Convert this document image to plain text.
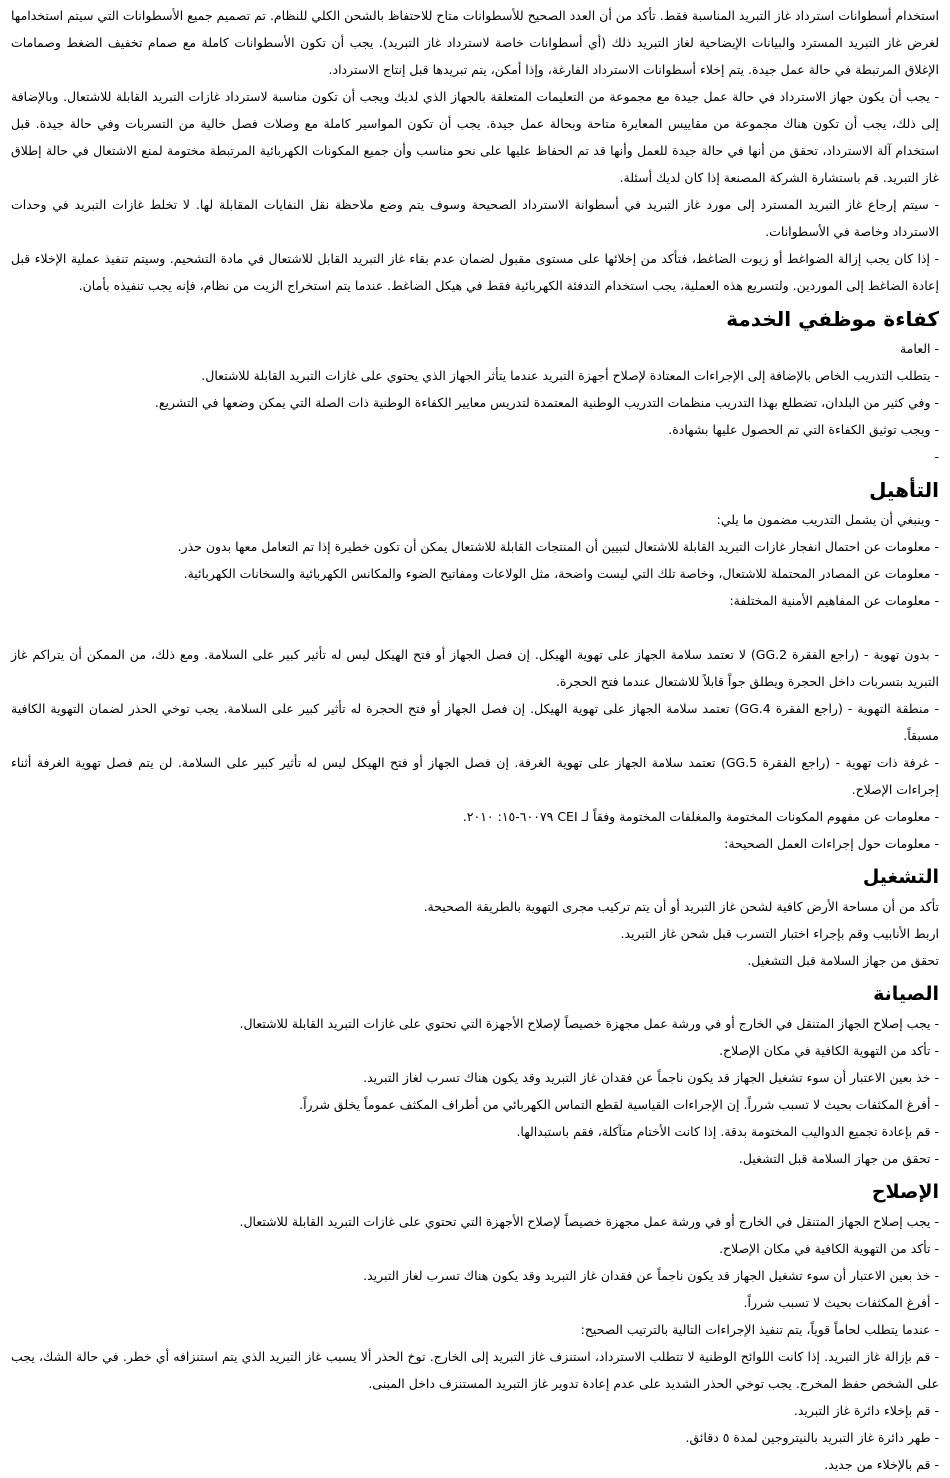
استخدام أسطوانات استرداد غاز التبريد المناسبة فقط. تأكد من أن العدد الصحيح للأسطوانات متاح للاحتفاظ بالشحن الكلي للنظام. تم تصميم جميع الأسطوانات التي سيتم استخدامها لغرض غاز التبريد المسترد والبيانات الإيضاحية لغاز التبريد ذلك (أي أسطوانات خاصة لاسترداد غاز التبريد). يجب أن تكون الأسطوانات كاملة مع صمام تخفيف الضغط وصمامات الإغلاق المرتبطة في حالة عمل جيدة. يتم إخلاء أسطوانات الاسترداد الفارغة، وإذا أمكن، يتم تبريدها قبل إنتاج الاسترداد.

- يجب أن يكون جهاز الاسترداد في حالة عمل جيدة مع مجموعة من التعليمات المتعلقة بالجهاز الذي لديك ويجب أن تكون مناسبة لاسترداد غازات التبريد القابلة للاشتعال. وبالإضافة إلى ذلك، يجب أن تكون هناك مجموعة من مقاييس المعايرة متاحة وبحالة عمل جيدة. يجب أن تكون المواسير كاملة مع وصلات فصل خالية من التسربات وفي حالة جيدة. قبل استخدام آلة الاسترداد، تحقق من أنها في حالة جيدة للعمل وأنها قد تم الحفاظ عليها على نحو مناسب وأن جميع المكونات الكهربائية المرتبطة مختومة لمنع الاشتعال في حالة إطلاق غاز التبريد. قم باستشارة الشركة المصنعة إذا كان لديك أسئلة.

- سيتم إرجاع غاز التبريد المسترد إلى مورد غاز التبريد في أسطوانة الاسترداد الصحيحة وسوف يتم وضع ملاحظة نقل النفايات المقابلة لها. لا تخلط غازات التبريد في وحدات الاسترداد وخاصة في الأسطوانات.

- إذا كان يجب إزالة الضواغط أو زيوت الضاغط، فتأكد من إخلائها على مستوى مقبول لضمان عدم بقاء غاز التبريد القابل للاشتعال في مادة التشحيم. وسيتم تنفيذ عملية الإخلاء قبل إعادة الضاغط إلى الموردين. ولتسريع هذه العملية، يجب استخدام التدفئة الكهربائية فقط في هيكل الضاغط. عندما يتم استخراج الزيت من نظام، فإنه يجب تنفيذه بأمان.

كفاءة موظفي الخدمة

- العامة

- يتطلب التدريب الخاص بالإضافة إلى الإجراءات المعتادة لإصلاح أجهزة التبريد عندما يتأثر الجهاز الذي يحتوي على غازات التبريد القابلة للاشتعال.

- وفي كثير من البلدان، تضطلع بهذا التدريب منظمات التدريب الوطنية المعتمدة لتدريس معايير الكفاءة الوطنية ذات الصلة التي يمكن وضعها في التشريع.

- ويجب توثيق الكفاءة التي تم الحصول عليها بشهادة.

-

التأهيل

- وينبغي أن يشمل التدريب مضمون ما يلي:

- معلومات عن احتمال انفجار غازات التبريد القابلة للاشتعال لتبيين أن المنتجات القابلة للاشتعال يمكن أن تكون خطيرة إذا تم التعامل معها بدون حذر.

- معلومات عن المصادر المحتملة للاشتعال، وخاصة تلك التي ليست واضحة، مثل الولاعات ومفاتيح الضوء والمكانس الكهربائية والسخانات الكهربائية.

- معلومات عن المفاهيم الأمنية المختلفة:

- بدون تهوية - (راجع الفقرة GG.2) لا تعتمد سلامة الجهاز على تهوية الهيكل. إن فصل الجهاز أو فتح الهيكل ليس له تأثير كبير على السلامة. ومع ذلك، من الممكن أن يتراكم غاز التبريد بتسربات داخل الحجرة ويطلق جواً قابلاً للاشتعال عندما فتح الحجرة.

- منطقة التهوية - (راجع الفقرة GG.4) تعتمد سلامة الجهاز على تهوية الهيكل. إن فصل الجهاز أو فتح الحجرة له تأثير كبير على السلامة. يجب توخي الحذر لضمان التهوية الكافية مسبقاً.

- غرفة ذات تهوية - (راجع الفقرة GG.5) تعتمد سلامة الجهاز على تهوية الغرفة. إن فصل الجهاز أو فتح الهيكل ليس له تأثير كبير على السلامة. لن يتم فصل تهوية الغرفة أثناء إجراءات الإصلاح.

- معلومات عن مفهوم المكونات المختومة والمغلفات المختومة وفقاً لـ CEI ٦٠٠٧٩-١٥: ٢٠١٠.

- معلومات حول إجراءات العمل الصحيحة:

التشغيل

تأكد من أن مساحة الأرض كافية لشحن غاز التبريد أو أن يتم تركيب مجرى التهوية بالطريقة الصحيحة.

اربط الأنابيب وقم بإجراء اختبار التسرب قبل شحن غاز التبريد.

تحقق من جهاز السلامة قبل التشغيل.

الصيانة

- يجب إصلاح الجهاز المتنقل في الخارج أو في ورشة عمل مجهزة خصيصاً لإصلاح الأجهزة التي تحتوي على غازات التبريد القابلة للاشتعال.

- تأكد من التهوية الكافية في مكان الإصلاح.

- خذ بعين الاعتبار أن سوء تشغيل الجهاز قد يكون ناجماً عن فقدان غاز التبريد وقد يكون هناك تسرب لغاز التبريد.

- أفرغ المكثفات بحيث لا تسبب شرراً. إن الإجراءات القياسية لقطع التماس الكهربائي من أطراف المكثف عموماً يخلق شرراً.

- قم بإعادة تجميع الدواليب المختومة بدقة. إذا كانت الأختام متآكلة، فقم باستبدالها.

- تحقق من جهاز السلامة قبل التشغيل.

الإصلاح

- يجب إصلاح الجهاز المتنقل في الخارج أو في ورشة عمل مجهزة خصيصاً لإصلاح الأجهزة التي تحتوي على غازات التبريد القابلة للاشتعال.

- تأكد من التهوية الكافية في مكان الإصلاح.

- خذ بعين الاعتبار أن سوء تشغيل الجهاز قد يكون ناجماً عن فقدان غاز التبريد وقد يكون هناك تسرب لغاز التبريد.

- أفرغ المكثفات بحيث لا تسبب شرراً.

- عندما يتطلب لحاماً قوياً، يتم تنفيذ الإجراءات التالية بالترتيب الصحيح:

- قم بإزالة غاز التبريد. إذا كانت اللوائح الوطنية لا تتطلب الاسترداد، استنزف غاز التبريد إلى الخارج. توخ الحذر ألا يسبب غاز التبريد الذي يتم استنزافه أي خطر. في حالة الشك، يجب على الشخص حفظ المخرج. يجب توخي الحذر الشديد على عدم إعادة تدوير غاز التبريد المستنزف داخل المبنى.

- قم بإخلاء دائرة غاز التبريد.

- طهر دائرة غاز التبريد بالنيتروجين لمدة ٥ دقائق.

- قم بالإخلاء من جديد.
